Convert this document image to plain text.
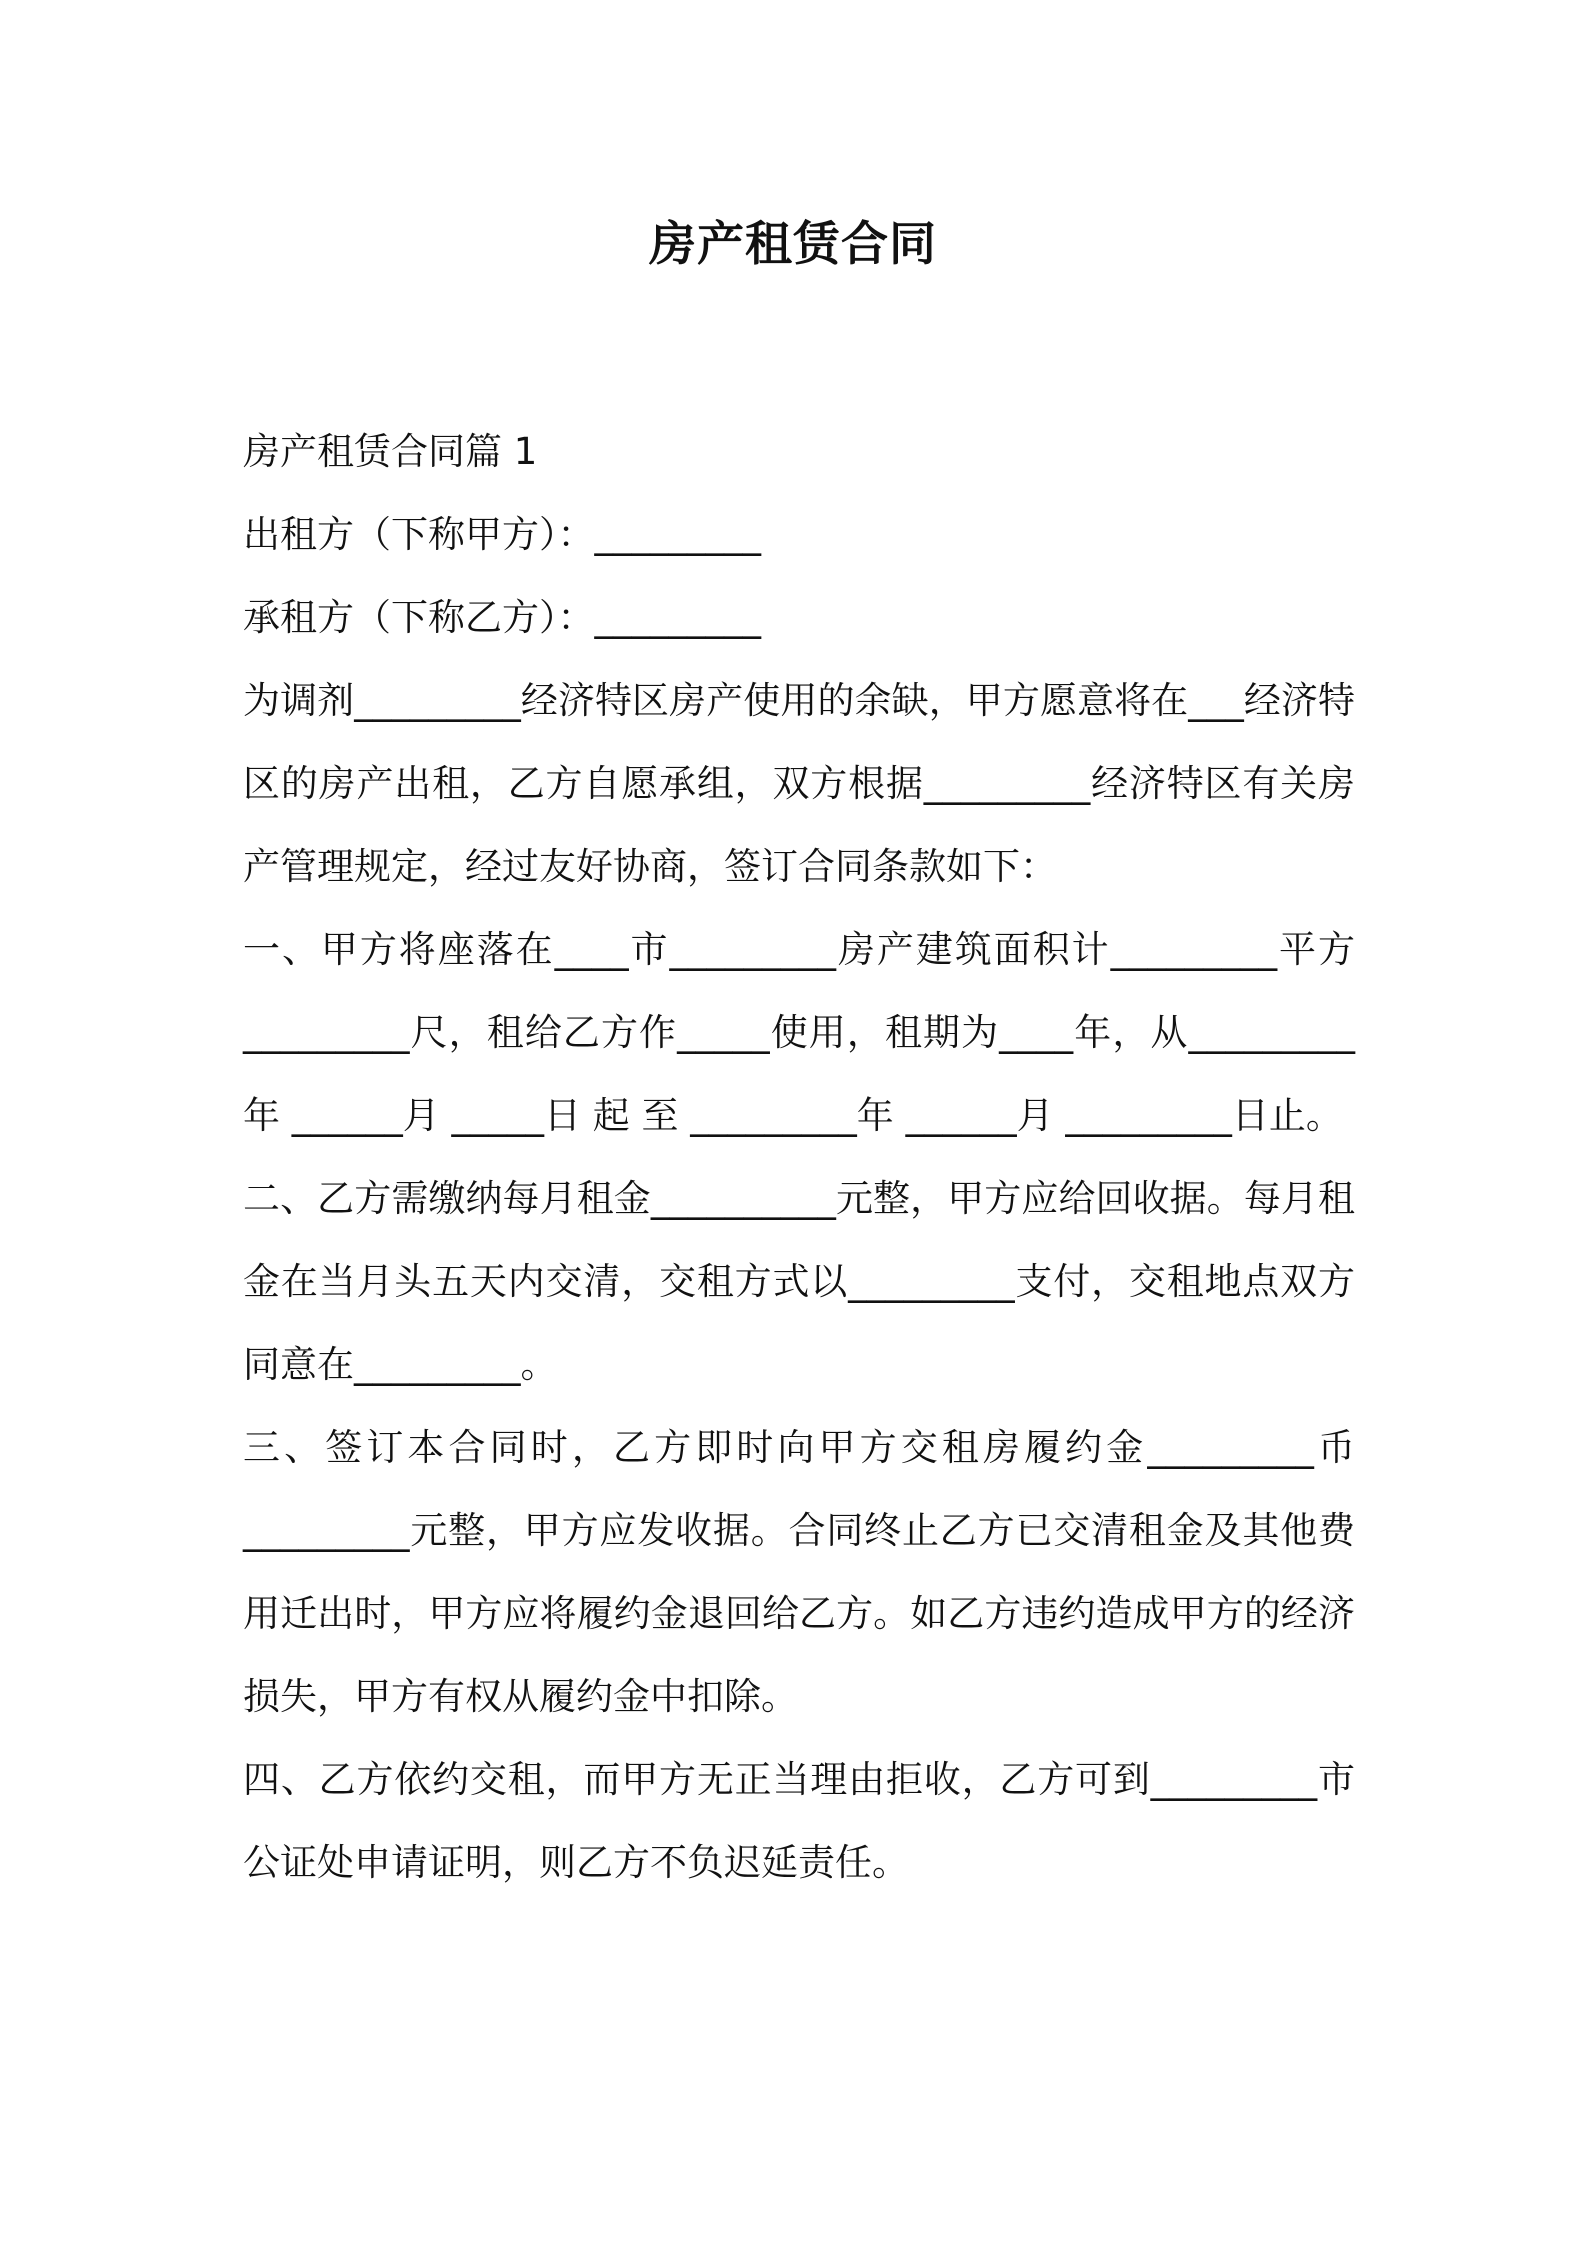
房产租赁合同

房产租赁合同篇 1

出租方（下称甲方）：_________

承租方（下称乙方）：_________

为调剂_________经济特区房产使用的余缺，甲方愿意将在___经济特区的房产出租，乙方自愿承组，双方根据_________经济特区有关房产管理规定，经过友好协商，签订合同条款如下：

一、甲方将座落在____市_________房产建筑面积计_________平方_________尺，租给乙方作_____使用，租期为____年，从_________年 ______月 _____日 起 至 _________年 ______月 _________日止。

二、乙方需缴纳每月租金__________元整，甲方应给回收据。每月租金在当月头五天内交清，交租方式以_________支付，交租地点双方同意在_________。

三、签订本合同时，乙方即时向甲方交租房履约金_________币_________元整，甲方应发收据。合同终止乙方已交清租金及其他费用迁出时，甲方应将履约金退回给乙方。如乙方违约造成甲方的经济损失，甲方有权从履约金中扣除。

四、乙方依约交租，而甲方无正当理由拒收，乙方可到_________市公证处申请证明，则乙方不负迟延责任。
